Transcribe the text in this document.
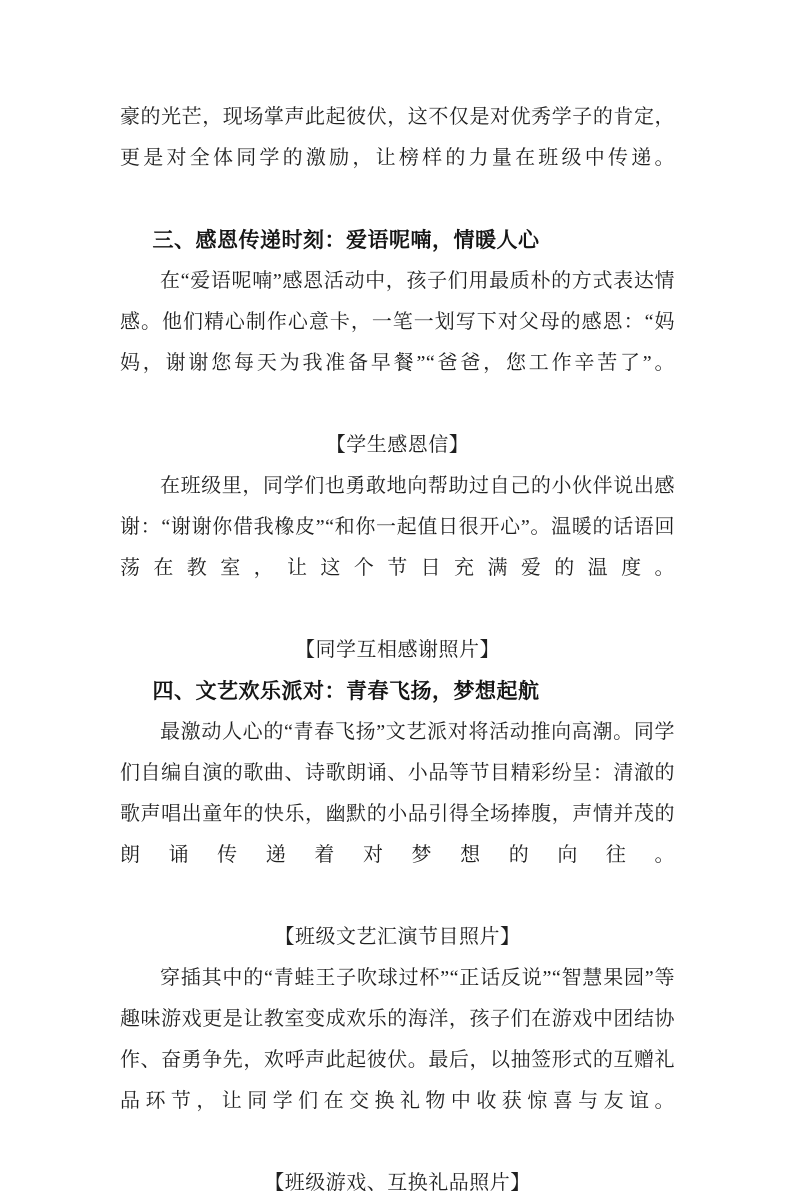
豪的光芒，现场掌声此起彼伏，这不仅是对优秀学子的肯定，更是对全体同学的激励，让榜样的力量在班级中传递。

三、感恩传递时刻：爱语呢喃，情暖人心

在“爱语呢喃”感恩活动中，孩子们用最质朴的方式表达情感。他们精心制作心意卡，一笔一划写下对父母的感恩：“妈妈，谢谢您每天为我准备早餐”“爸爸，您工作辛苦了”。

【学生感恩信】

在班级里，同学们也勇敢地向帮助过自己的小伙伴说出感谢：“谢谢你借我橡皮”“和你一起值日很开心”。温暖的话语回荡在教室，让这个节日充满爱的温度。

【同学互相感谢照片】

四、文艺欢乐派对：青春飞扬，梦想起航

最激动人心的“青春飞扬”文艺派对将活动推向高潮。同学们自编自演的歌曲、诗歌朗诵、小品等节目精彩纷呈：清澈的歌声唱出童年的快乐，幽默的小品引得全场捧腹，声情并茂的朗诵传递着对梦想的向往。

【班级文艺汇演节目照片】

穿插其中的“青蛙王子吹球过杯”“正话反说”“智慧果园”等趣味游戏更是让教室变成欢乐的海洋，孩子们在游戏中团结协作、奋勇争先，欢呼声此起彼伏。最后，以抽签形式的互赠礼品环节，让同学们在交换礼物中收获惊喜与友谊。

【班级游戏、互换礼品照片】
